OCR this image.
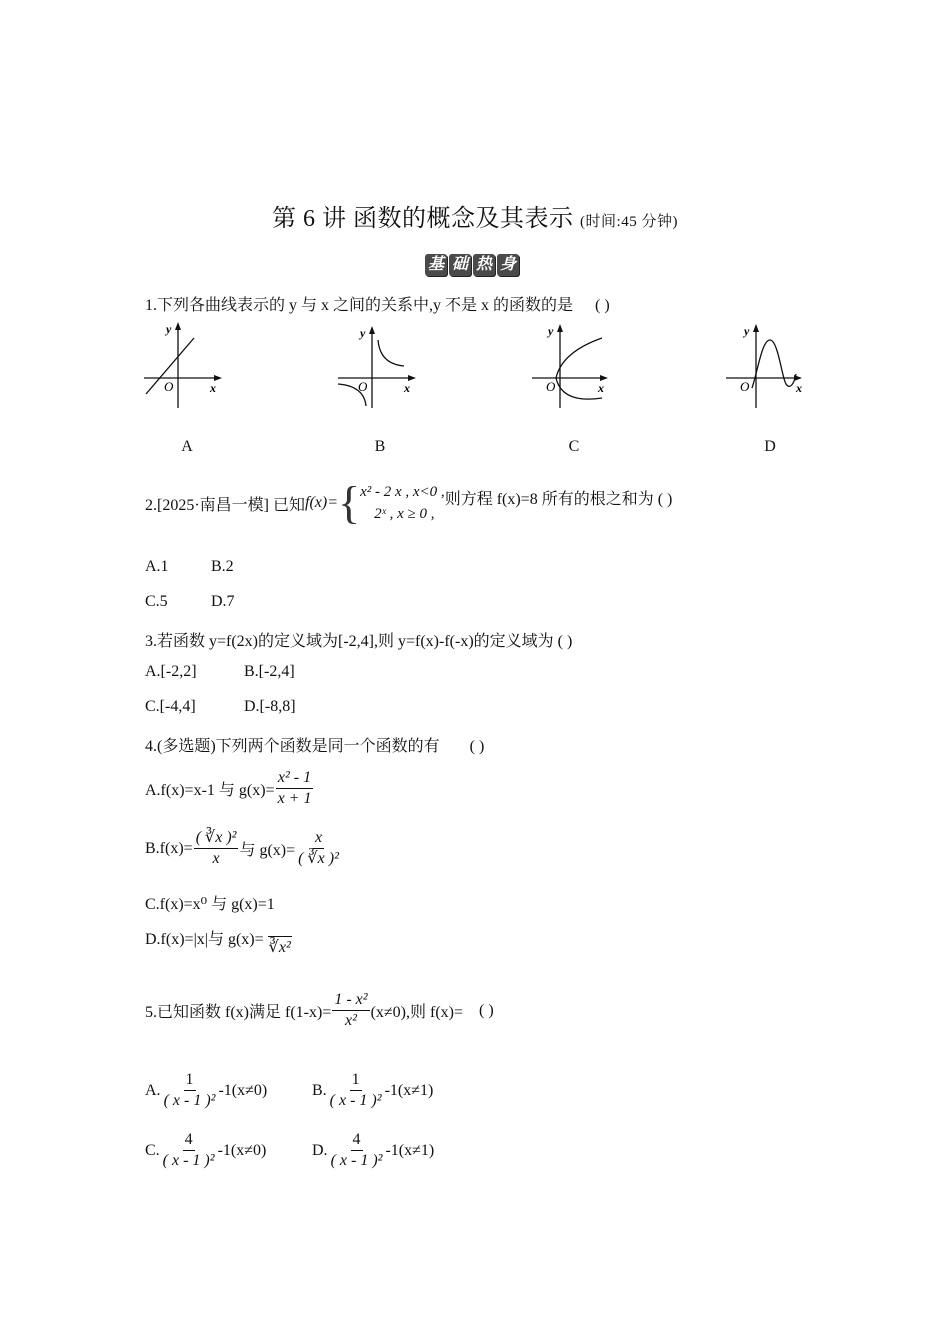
第 6 讲 函数的概念及其表示 (时间:45 分钟)
基 础 热 身
1.下列各曲线表示的 y 与 x 之间的关系中,y 不是 x 的函数的是 ( )
y
x
O
y
x
O
y
x
O
y
x
O
A	B	C	D
2.[2025·南昌一模] 已知 f(x)= { x² - 2 x , x<0 ,
2ˣ , x ≥ 0 ,
则方程 f(x)=8 所有的根之和为 ( )
A.1	B.2
C.5	D.7
3.若函数 y=f(2x)的定义域为[-2,4],则 y=f(x)-f(-x)的定义域为 ( )
A.[-2,2]	B.[-2,4]
C.[-4,4]	D.[-8,8]
4.(多选题)下列两个函数是同一个函数的有 ( )
A.f(x)=x-1 与 $g(x)= \frac{\text{x² - 1}}{x + 1}$
$B.f(x)= \frac{\text{( ∛x )²}}{x}$ 与 $g(x)= \frac{x}{\text{( ∛x )²}}$
C.f(x)=x⁰ 与 g(x)=1
D.f(x)=|x|与 g(x)= ∛x²
5.已知函数 f(x)满足 $f(1-x)= \frac{\text{1 - x²}}{\text{x²}} (x\ne 0)$,则 f(x)= ( )
A. $\frac{1}{\text{( x - 1 )²}} -1(x\ne 0)$	B. $\frac{1}{\text{( x - 1 )²}} -1(x\ne 1)$
C. $\frac{4}{\text{( x - 1 )²}} -1(x\ne 0)$	D. $\frac{4}{\text{( x - 1 )²}} -1(x\ne 1)$
